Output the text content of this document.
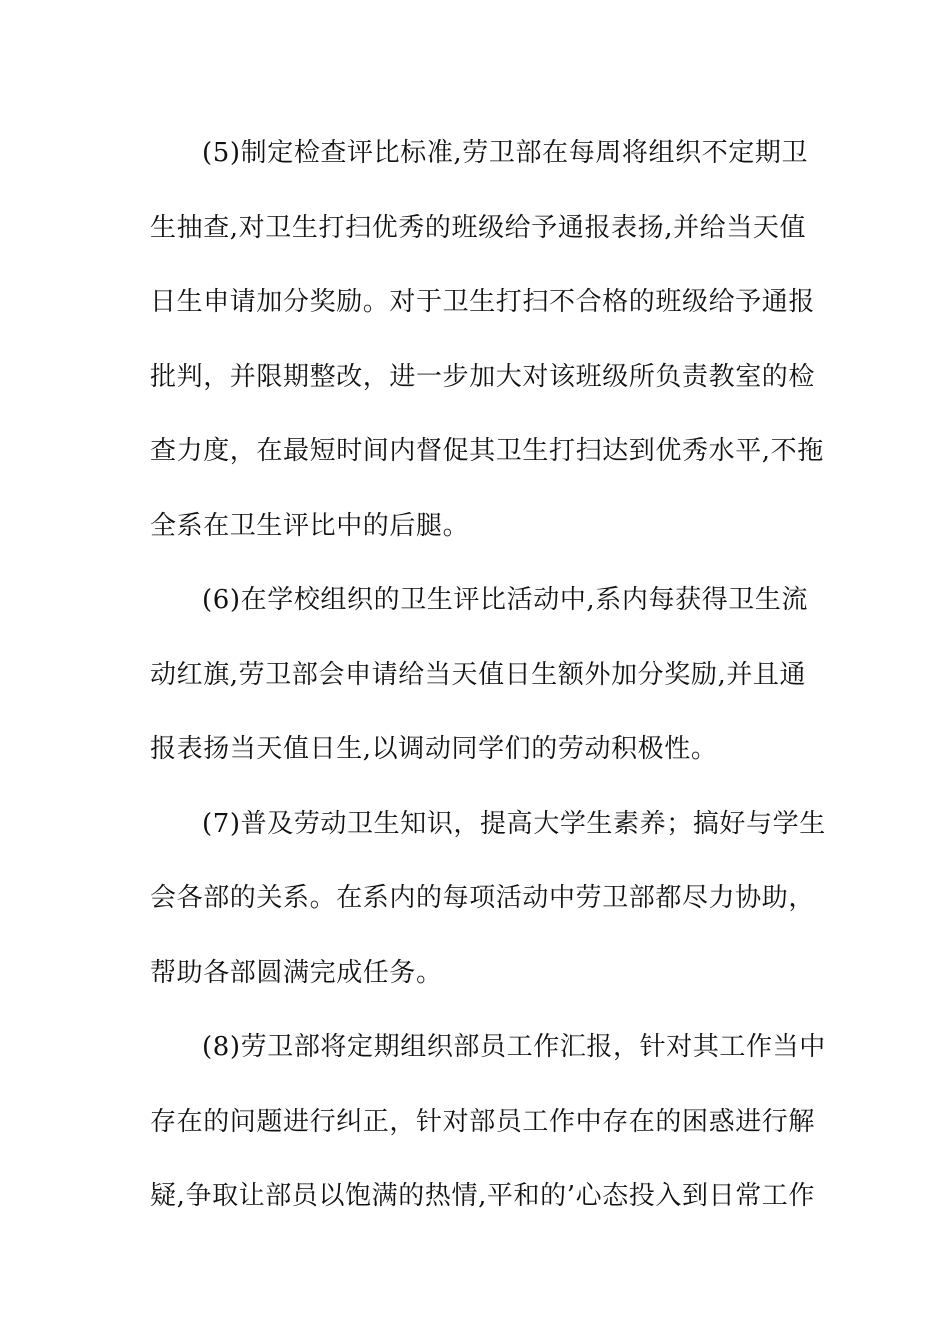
(5)制定检查评比标准,劳卫部在每周将组织不定期卫
生抽查,对卫生打扫优秀的班级给予通报表扬,并给当天值
日生申请加分奖励。对于卫生打扫不合格的班级给予通报
批判，并限期整改，进一步加大对该班级所负责教室的检
查力度，在最短时间内督促其卫生打扫达到优秀水平,不拖
全系在卫生评比中的后腿。
(6)在学校组织的卫生评比活动中,系内每获得卫生流
动红旗,劳卫部会申请给当天值日生额外加分奖励,并且通
报表扬当天值日生,以调动同学们的劳动积极性。
(7)普及劳动卫生知识，提高大学生素养；搞好与学生
会各部的关系。在系内的每项活动中劳卫部都尽力协助，
帮助各部圆满完成任务。
(8)劳卫部将定期组织部员工作汇报，针对其工作当中
存在的问题进行纠正，针对部员工作中存在的困惑进行解
疑,争取让部员以饱满的热情,平和的’心态投入到日常工作
